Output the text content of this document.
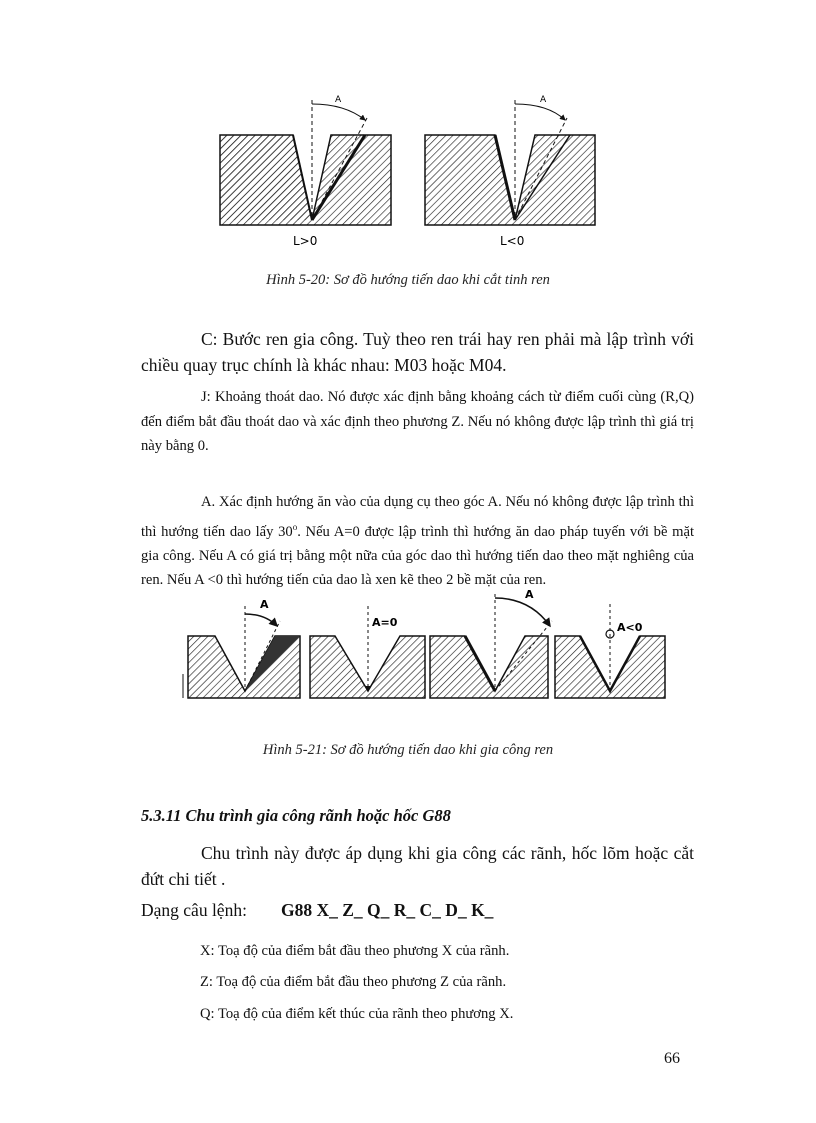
A
L>0
A
L<0
Hình 5-20: Sơ đồ hướng tiến dao khi cắt tinh ren
C: Bước ren gia công. Tuỳ theo ren trái hay ren phải mà lập trình với chiều quay trục chính là khác nhau: M03 hoặc M04.
J: Khoảng thoát dao. Nó được xác định bằng khoảng cách từ điểm cuối cùng (R,Q) đến điểm bắt đầu thoát dao và xác định theo phương Z. Nếu nó không được lập trình thì giá trị này bằng 0.
A. Xác định hướng ăn vào của dụng cụ theo góc A. Nếu nó không được lập trình thì thì hướng tiến dao lấy 30$^o$. Nếu A=0 được lập trình thì hướng ăn dao pháp tuyến với bề mặt gia công. Nếu A có giá trị bằng một nữa của góc dao thì hướng tiến dao theo mặt nghiêng của ren. Nếu A <0 thì hướng tiến của dao là xen kẽ theo 2 bề mặt của ren.
A
A=0
A
A<0
Hình 5-21: Sơ đồ hướng tiến dao khi gia công ren
5.3.11 Chu trình gia công rãnh hoặc hốc G88
Chu trình này được áp dụng khi gia công các rãnh, hốc lõm hoặc cắt đứt chi tiết .
Dạng câu lệnh: G88 X_ Z_ Q_ R_ C_ D_ K_
X: Toạ độ của điểm bắt đầu theo phương X của rãnh.
Z: Toạ độ của điểm bắt đầu theo phương Z của rãnh.
Q: Toạ độ của điểm kết thúc của rãnh theo phương X.
66
